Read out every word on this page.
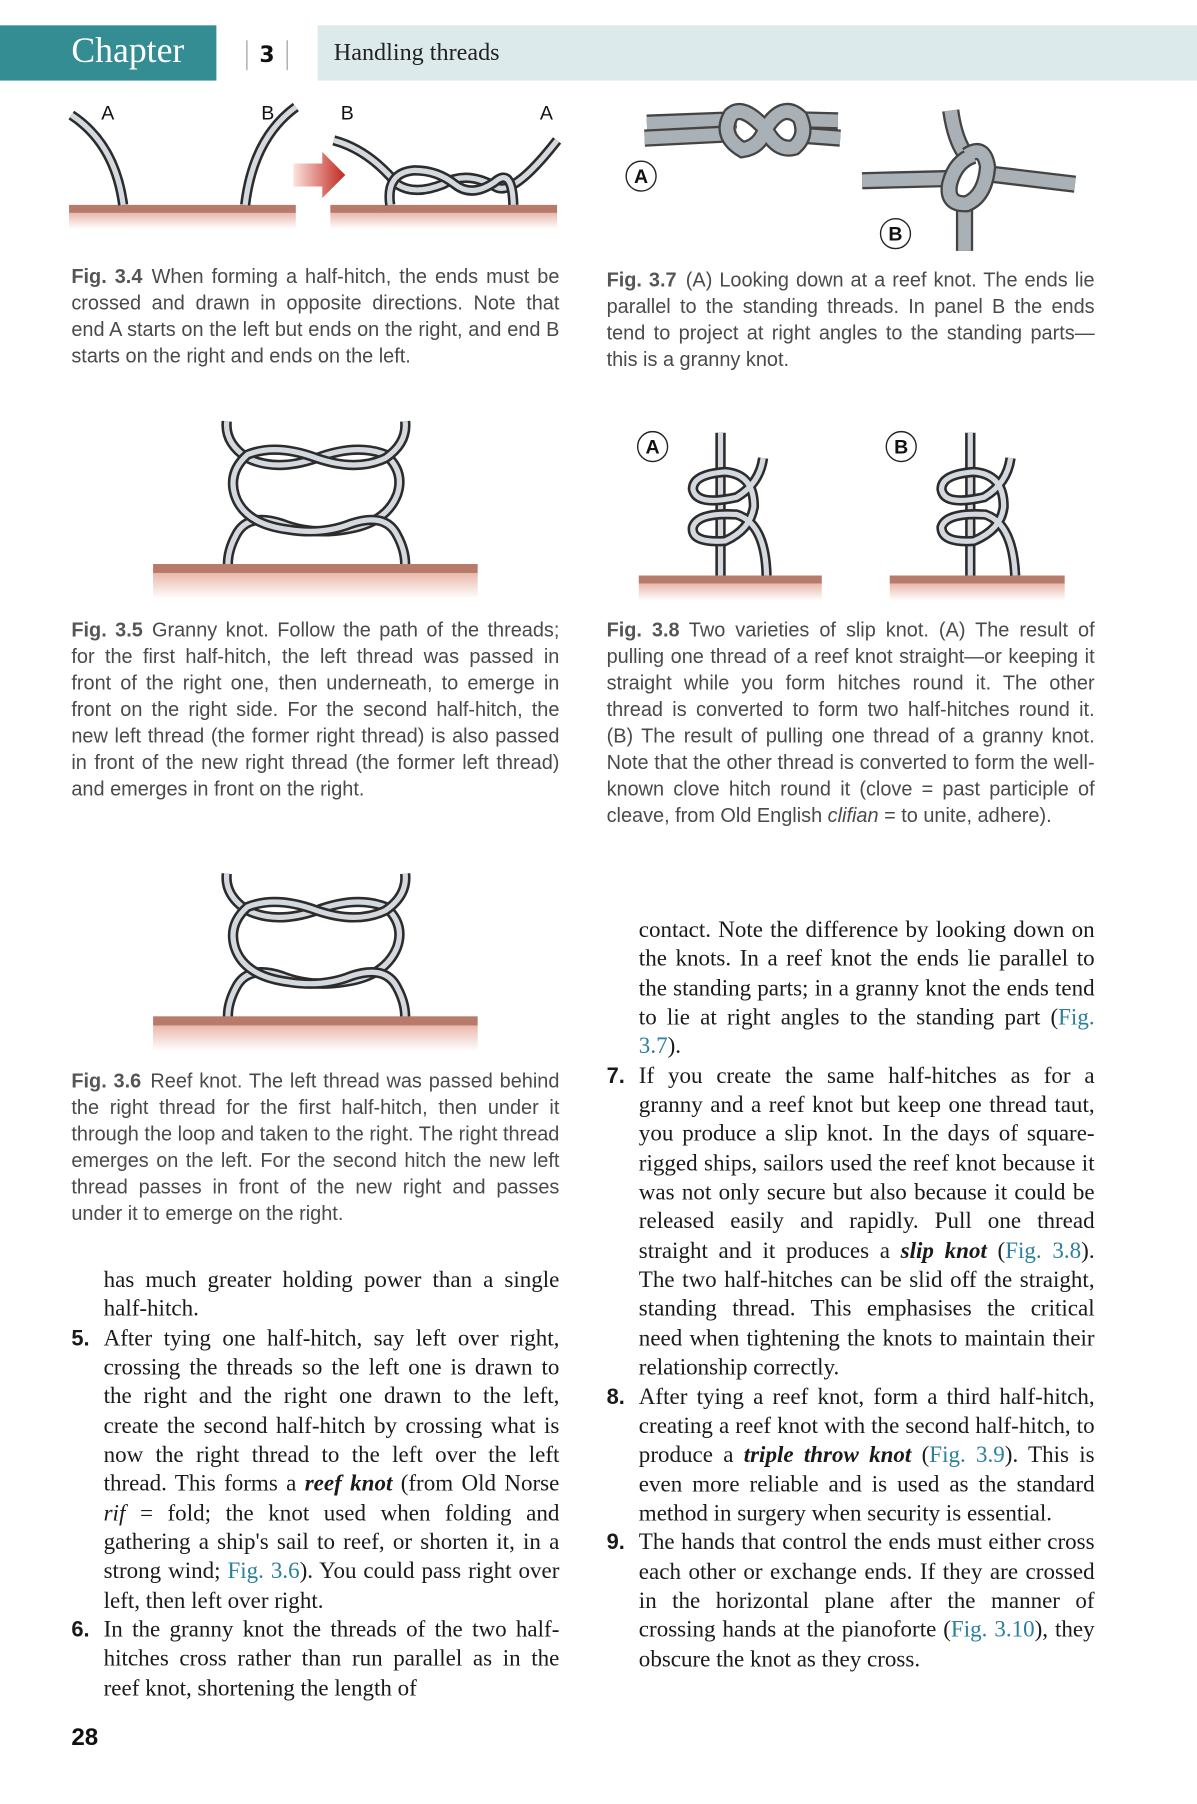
Chapter	3	Handling threads
A	B	B	A

Fig. 3.4 When forming a half-hitch, the ends must be crossed and drawn in opposite directions. Note that end A starts on the left but ends on the right, and end B starts on the right and ends on the left.

A
B

Fig. 3.7 (A) Looking down at a reef knot. The ends lie parallel to the standing threads. In panel B the ends tend to project at right angles to the standing parts—this is a granny knot.

Fig. 3.5 Granny knot. Follow the path of the threads; for the first half-hitch, the left thread was passed in front of the right one, then underneath, to emerge in front on the right side. For the second half-hitch, the new left thread (the former right thread) is also passed in front of the new right thread (the former left thread) and emerges in front on the right.

A	B

Fig. 3.8 Two varieties of slip knot. (A) The result of pulling one thread of a reef knot straight—or keeping it straight while you form hitches round it. The other thread is converted to form two half-hitches round it. (B) The result of pulling one thread of a granny knot. Note that the other thread is converted to form the well-known clove hitch round it (clove = past participle of cleave, from Old English clifian = to unite, adhere).

Fig. 3.6 Reef knot. The left thread was passed behind the right thread for the first half-hitch, then under it through the loop and taken to the right. The right thread emerges on the left. For the second hitch the new left thread passes in front of the new right and passes under it to emerge on the right.

has much greater holding power than a single half-hitch.

5. After tying one half-hitch, say left over right, crossing the threads so the left one is drawn to the right and the right one drawn to the left, create the second half-hitch by crossing what is now the right thread to the left over the left thread. This forms a reef knot (from Old Norse rif = fold; the knot used when folding and gathering a ship's sail to reef, or shorten it, in a strong wind; Fig. 3.6). You could pass right over left, then left over right.

6. In the granny knot the threads of the two half-hitches cross rather than run parallel as in the reef knot, shortening the length of

contact. Note the difference by looking down on the knots. In a reef knot the ends lie parallel to the standing parts; in a granny knot the ends tend to lie at right angles to the standing part (Fig. 3.7).

7. If you create the same half-hitches as for a granny and a reef knot but keep one thread taut, you produce a slip knot. In the days of square-rigged ships, sailors used the reef knot because it was not only secure but also because it could be released easily and rapidly. Pull one thread straight and it produces a slip knot (Fig. 3.8). The two half-hitches can be slid off the straight, standing thread. This emphasises the critical need when tightening the knots to maintain their relationship correctly.

8. After tying a reef knot, form a third half-hitch, creating a reef knot with the second half-hitch, to produce a triple throw knot (Fig. 3.9). This is even more reliable and is used as the standard method in surgery when security is essential.

9. The hands that control the ends must either cross each other or exchange ends. If they are crossed in the horizontal plane after the manner of crossing hands at the pianoforte (Fig. 3.10), they obscure the knot as they cross.

28
